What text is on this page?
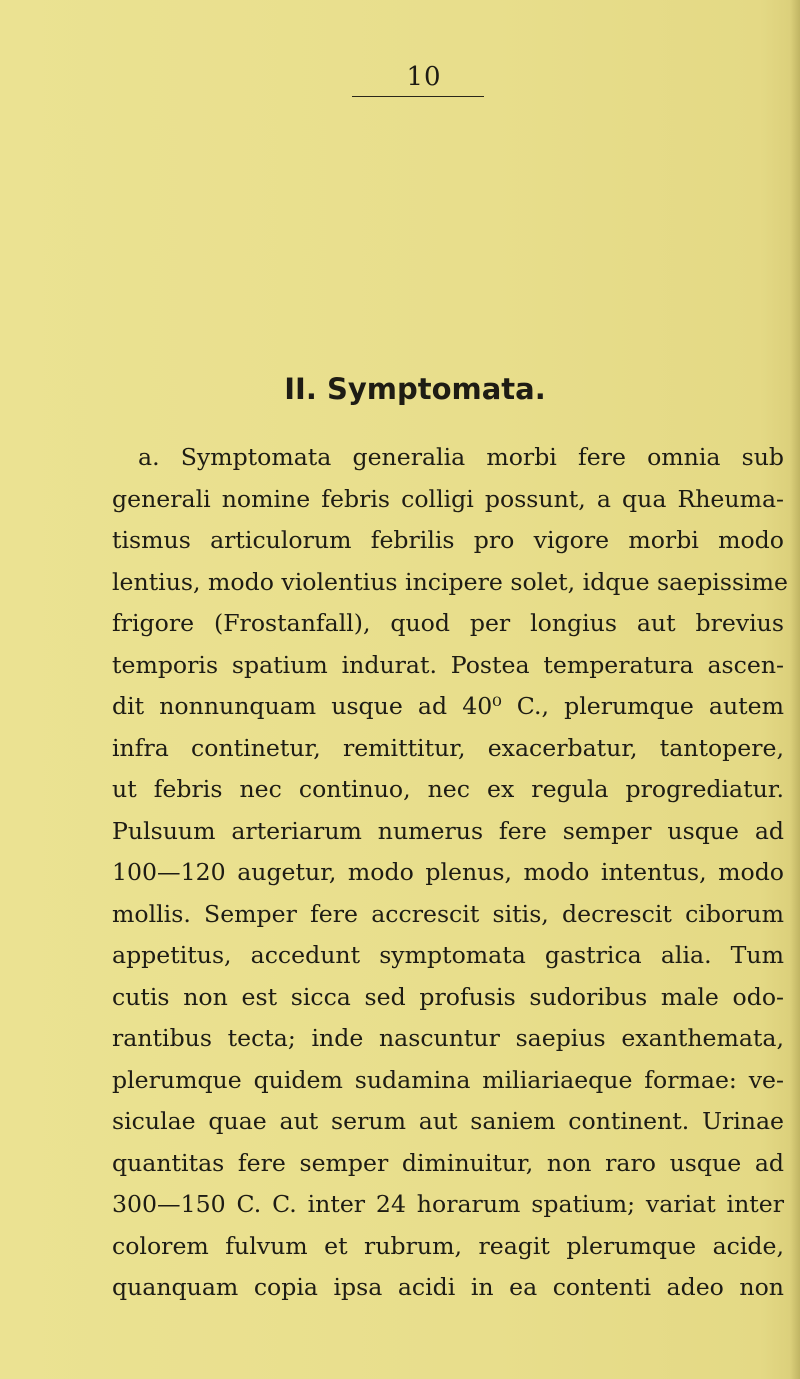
10
II. Symptomata.
a. Symptomata generalia morbi fere omnia sub
generali nomine febris colligi possunt, a qua Rheuma-
tismus articulorum febrilis pro vigore morbi modo
lentius, modo violentius incipere solet, idque saepissime
frigore (Frostanfall), quod per longius aut brevius
temporis spatium indurat. Postea temperatura ascen-
dit nonnunquam usque ad 40⁰ C., plerumque autem
infra continetur, remittitur, exacerbatur, tantopere,
ut febris nec continuo, nec ex regula progrediatur.
Pulsuum arteriarum numerus fere semper usque ad
100—120 augetur, modo plenus, modo intentus, modo
mollis. Semper fere accrescit sitis, decrescit ciborum
appetitus, accedunt symptomata gastrica alia. Tum
cutis non est sicca sed profusis sudoribus male odo-
rantibus tecta; inde nascuntur saepius exanthemata,
plerumque quidem sudamina miliariaeque formae: ve-
siculae quae aut serum aut saniem continent. Urinae
quantitas fere semper diminuitur, non raro usque ad
300—150 C. C. inter 24 horarum spatium; variat inter
colorem fulvum et rubrum, reagit plerumque acide,
quanquam copia ipsa acidi in ea contenti adeo non
